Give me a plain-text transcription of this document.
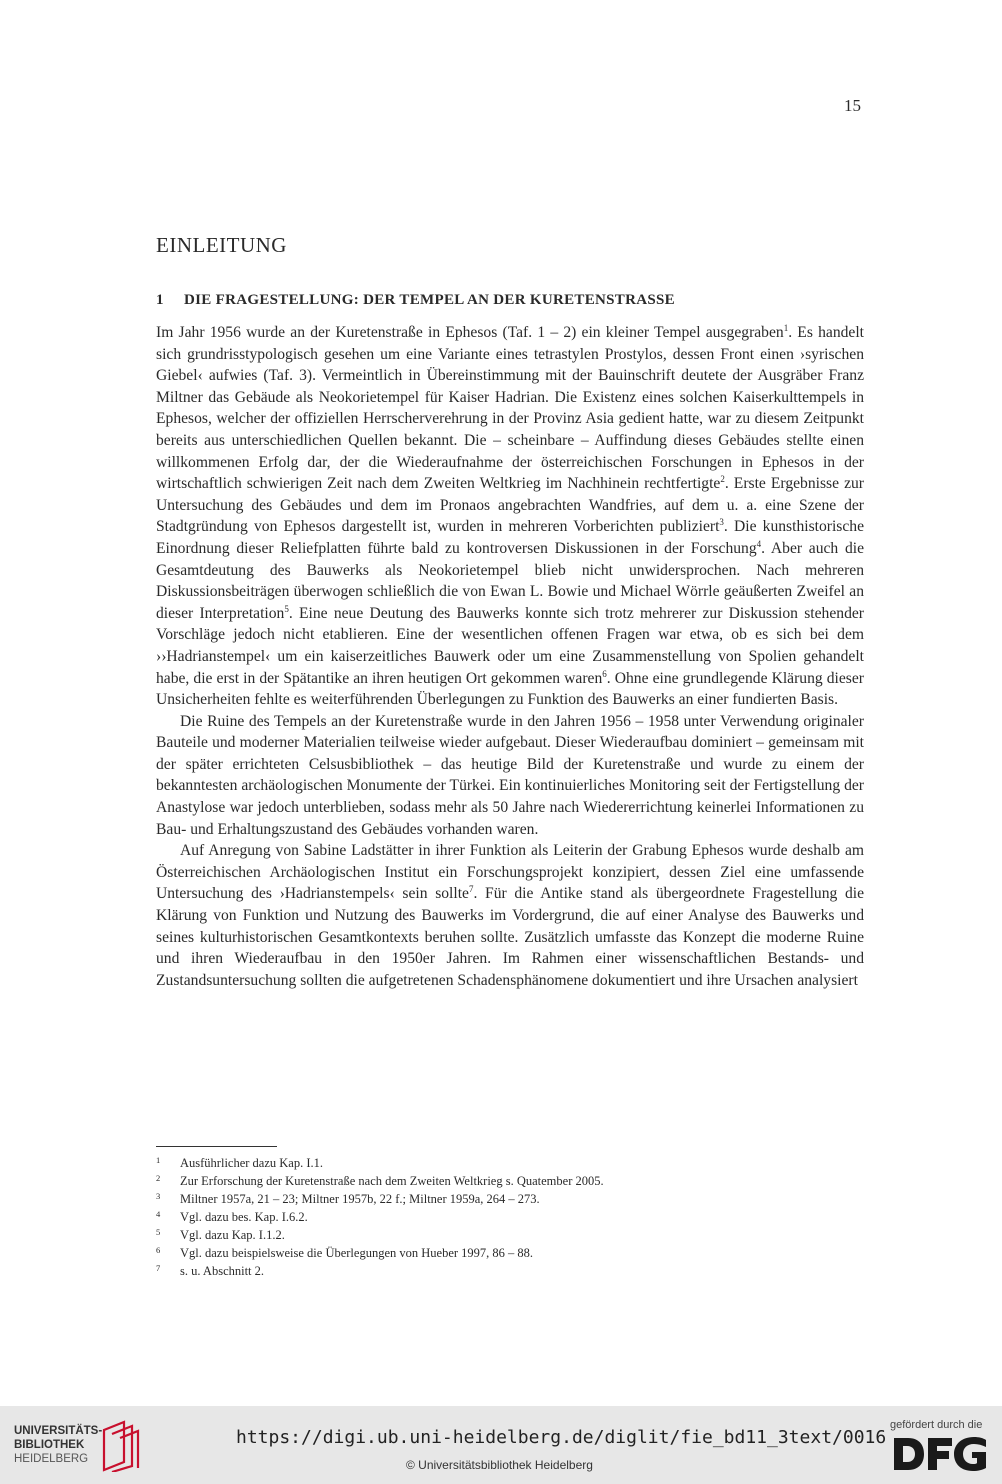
15
EINLEITUNG
1 DIE FRAGESTELLUNG: DER TEMPEL AN DER KURETENSTRASSE

Im Jahr 1956 wurde an der Kuretenstraße in Ephesos (Taf. 1 – 2) ein kleiner Tempel ausgegraben$^1$. Es handelt sich grundrisstypologisch gesehen um eine Variante eines tetrastylen Prostylos, dessen Front einen ›syrischen Giebel‹ aufwies (Taf. 3). Vermeintlich in Übereinstimmung mit der Bauinschrift deutete der Ausgräber Franz Miltner das Gebäude als Neokorietempel für Kaiser Hadrian. Die Existenz eines solchen Kaiserkulttempels in Ephesos, welcher der offiziellen Herrscherverehrung in der Provinz Asia gedient hatte, war zu diesem Zeitpunkt bereits aus unterschiedlichen Quellen bekannt. Die – scheinbare – Auffindung dieses Gebäudes stellte einen willkommenen Erfolg dar, der die Wiederaufnahme der österreichischen Forschungen in Ephesos in der wirtschaftlich schwierigen Zeit nach dem Zweiten Weltkrieg im Nachhinein rechtfertigte$^2$. Erste Ergebnisse zur Untersuchung des Gebäudes und dem im Pronaos angebrachten Wandfries, auf dem u. a. eine Szene der Stadtgründung von Ephesos dargestellt ist, wurden in mehreren Vorberichten publiziert$^3$. Die kunsthistorische Einordnung dieser Reliefplatten führte bald zu kontroversen Diskussionen in der Forschung$^4$. Aber auch die Gesamtdeutung des Bauwerks als Neokorietempel blieb nicht unwidersprochen. Nach mehreren Diskussionsbeiträgen überwogen schließlich die von Ewan L. Bowie und Michael Wörrle geäußerten Zweifel an dieser Interpretation$^5$. Eine neue Deutung des Bauwerks konnte sich trotz mehrerer zur Diskussion stehender Vorschläge jedoch nicht etablieren. Eine der wesentlichen offenen Fragen war etwa, ob es sich bei dem ››Hadrianstempel‹ um ein kaiserzeitliches Bauwerk oder um eine Zusammenstellung von Spolien gehandelt habe, die erst in der Spätantike an ihren heutigen Ort gekommen waren$^6$. Ohne eine grundlegende Klärung dieser Unsicherheiten fehlte es weiterführenden Überlegungen zu Funktion des Bauwerks an einer fundierten Basis.

Die Ruine des Tempels an der Kuretenstraße wurde in den Jahren 1956 – 1958 unter Verwendung originaler Bauteile und moderner Materialien teilweise wieder aufgebaut. Dieser Wiederaufbau dominiert – gemeinsam mit der später errichteten Celsusbibliothek – das heutige Bild der Kuretenstraße und wurde zu einem der bekanntesten archäologischen Monumente der Türkei. Ein kontinuierliches Monitoring seit der Fertigstellung der Anastylose war jedoch unterblieben, sodass mehr als 50 Jahre nach Wiedererrichtung keinerlei Informationen zu Bau- und Erhaltungszustand des Gebäudes vorhanden waren.

Auf Anregung von Sabine Ladstätter in ihrer Funktion als Leiterin der Grabung Ephesos wurde deshalb am Österreichischen Archäologischen Institut ein Forschungsprojekt konzipiert, dessen Ziel eine umfassende Untersuchung des ›Hadrianstempels‹ sein sollte$^7$. Für die Antike stand als übergeordnete Fragestellung die Klärung von Funktion und Nutzung des Bauwerks im Vordergrund, die auf einer Analyse des Bauwerks und seines kulturhistorischen Gesamtkontexts beruhen sollte. Zusätzlich umfasste das Konzept die moderne Ruine und ihren Wiederaufbau in den 1950er Jahren. Im Rahmen einer wissenschaftlichen Bestands- und Zustandsuntersuchung sollten die aufgetretenen Schadensphänomene dokumentiert und ihre Ursachen analysiert

1	Ausführlicher dazu Kap. I.1.
2	Zur Erforschung der Kuretenstraße nach dem Zweiten Weltkrieg s. Quatember 2005.
3	Miltner 1957a, 21 – 23; Miltner 1957b, 22 f.; Miltner 1959a, 264 – 273.
4	Vgl. dazu bes. Kap. I.6.2.
5	Vgl. dazu Kap. I.1.2.
6	Vgl. dazu beispielsweise die Überlegungen von Hueber 1997, 86 – 88.
7	s. u. Abschnitt 2.
UNIVERSITÄTS-
BIBLIOTHEK
HEIDELBERG
https://digi.ub.uni-heidelberg.de/diglit/fie_bd11_3text/0016
© Universitätsbibliothek Heidelberg
gefördert durch die
